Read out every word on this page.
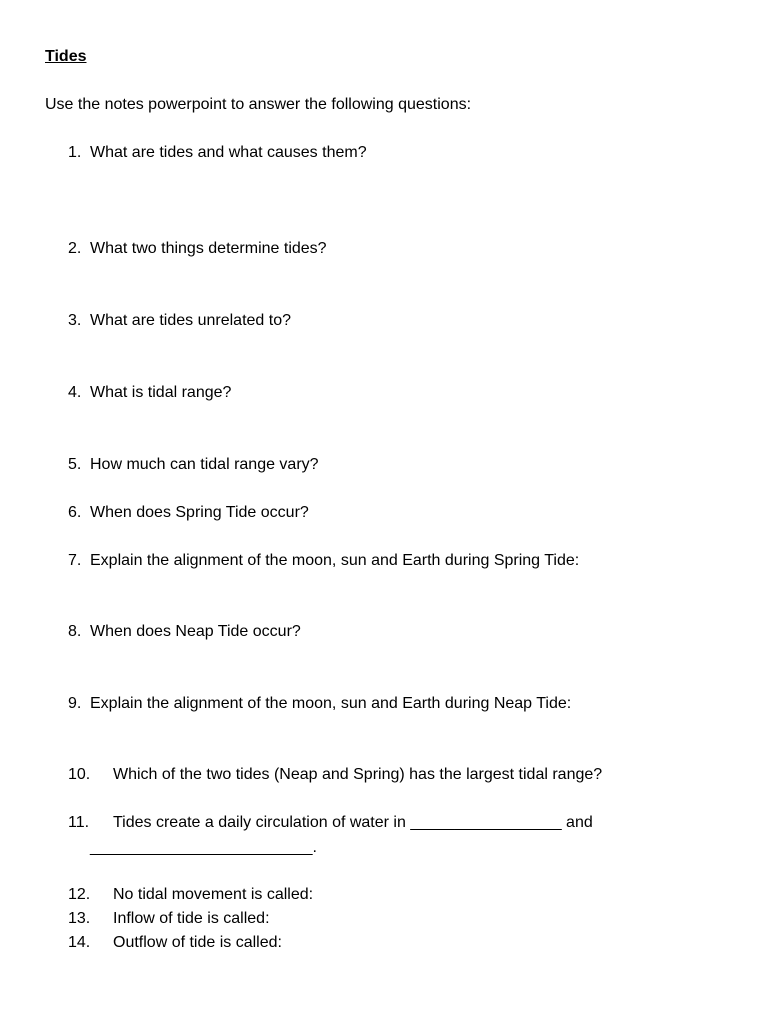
Tides
Use the notes powerpoint to answer the following questions:
1. What are tides and what causes them?
2. What two things determine tides?
3. What are tides unrelated to?
4. What is tidal range?
5. How much can tidal range vary?
6. When does Spring Tide occur?
7. Explain the alignment of the moon, sun and Earth during Spring Tide:
8. When does Neap Tide occur?
9. Explain the alignment of the moon, sun and Earth during Neap Tide:
10. Which of the two tides (Neap and Spring) has the largest tidal range?
11. Tides create a daily circulation of water in _________________ and
_________________________.
12. No tidal movement is called:
13. Inflow of tide is called:
14. Outflow of tide is called:
